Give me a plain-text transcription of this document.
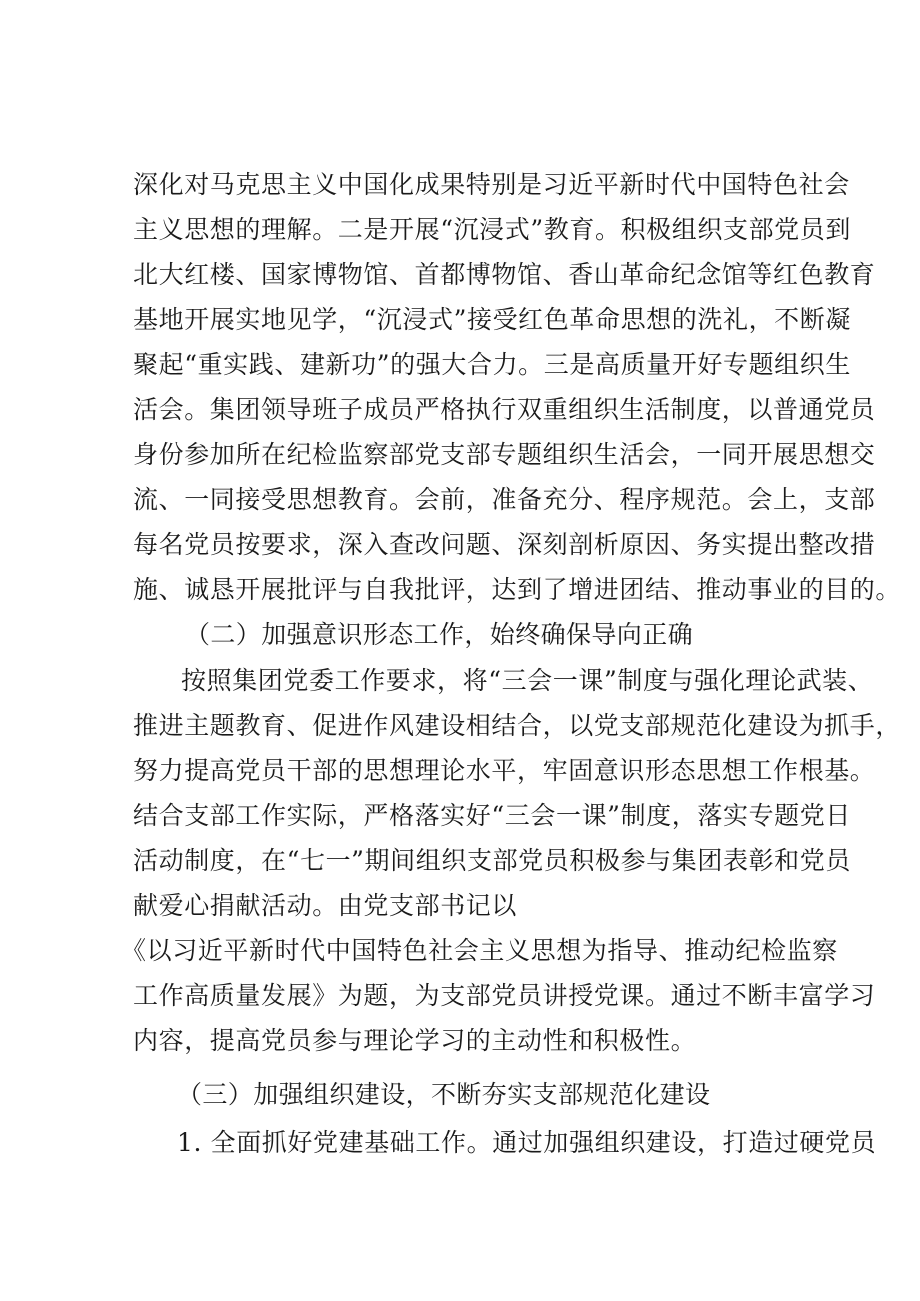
深化对马克思主义中国化成果特别是习近平新时代中国特色社会
主义思想的理解。二是开展“沉浸式”教育。积极组织支部党员到
北大红楼、国家博物馆、首都博物馆、香山革命纪念馆等红色教育
基地开展实地见学，“沉浸式”接受红色革命思想的洗礼，不断凝
聚起“重实践、建新功”的强大合力。三是高质量开好专题组织生
活会。集团领导班子成员严格执行双重组织生活制度，以普通党员
身份参加所在纪检监察部党支部专题组织生活会，一同开展思想交
流、一同接受思想教育。会前，准备充分、程序规范。会上，支部
每名党员按要求，深入查改问题、深刻剖析原因、务实提出整改措
施、诚恳开展批评与自我批评，达到了增进团结、推动事业的目的。
（二）加强意识形态工作，始终确保导向正确
按照集团党委工作要求，将“三会一课”制度与强化理论武装、
推进主题教育、促进作风建设相结合，以党支部规范化建设为抓手，
努力提高党员干部的思想理论水平，牢固意识形态思想工作根基。
结合支部工作实际，严格落实好“三会一课”制度，落实专题党日
活动制度，在“七一”期间组织支部党员积极参与集团表彰和党员
献爱心捐献活动。由党支部书记以
《以习近平新时代中国特色社会主义思想为指导、推动纪检监察
工作高质量发展》为题，为支部党员讲授党课。通过不断丰富学习
内容，提高党员参与理论学习的主动性和积极性。
（三）加强组织建设，不断夯实支部规范化建设
1. 全面抓好党建基础工作。通过加强组织建设，打造过硬党员
